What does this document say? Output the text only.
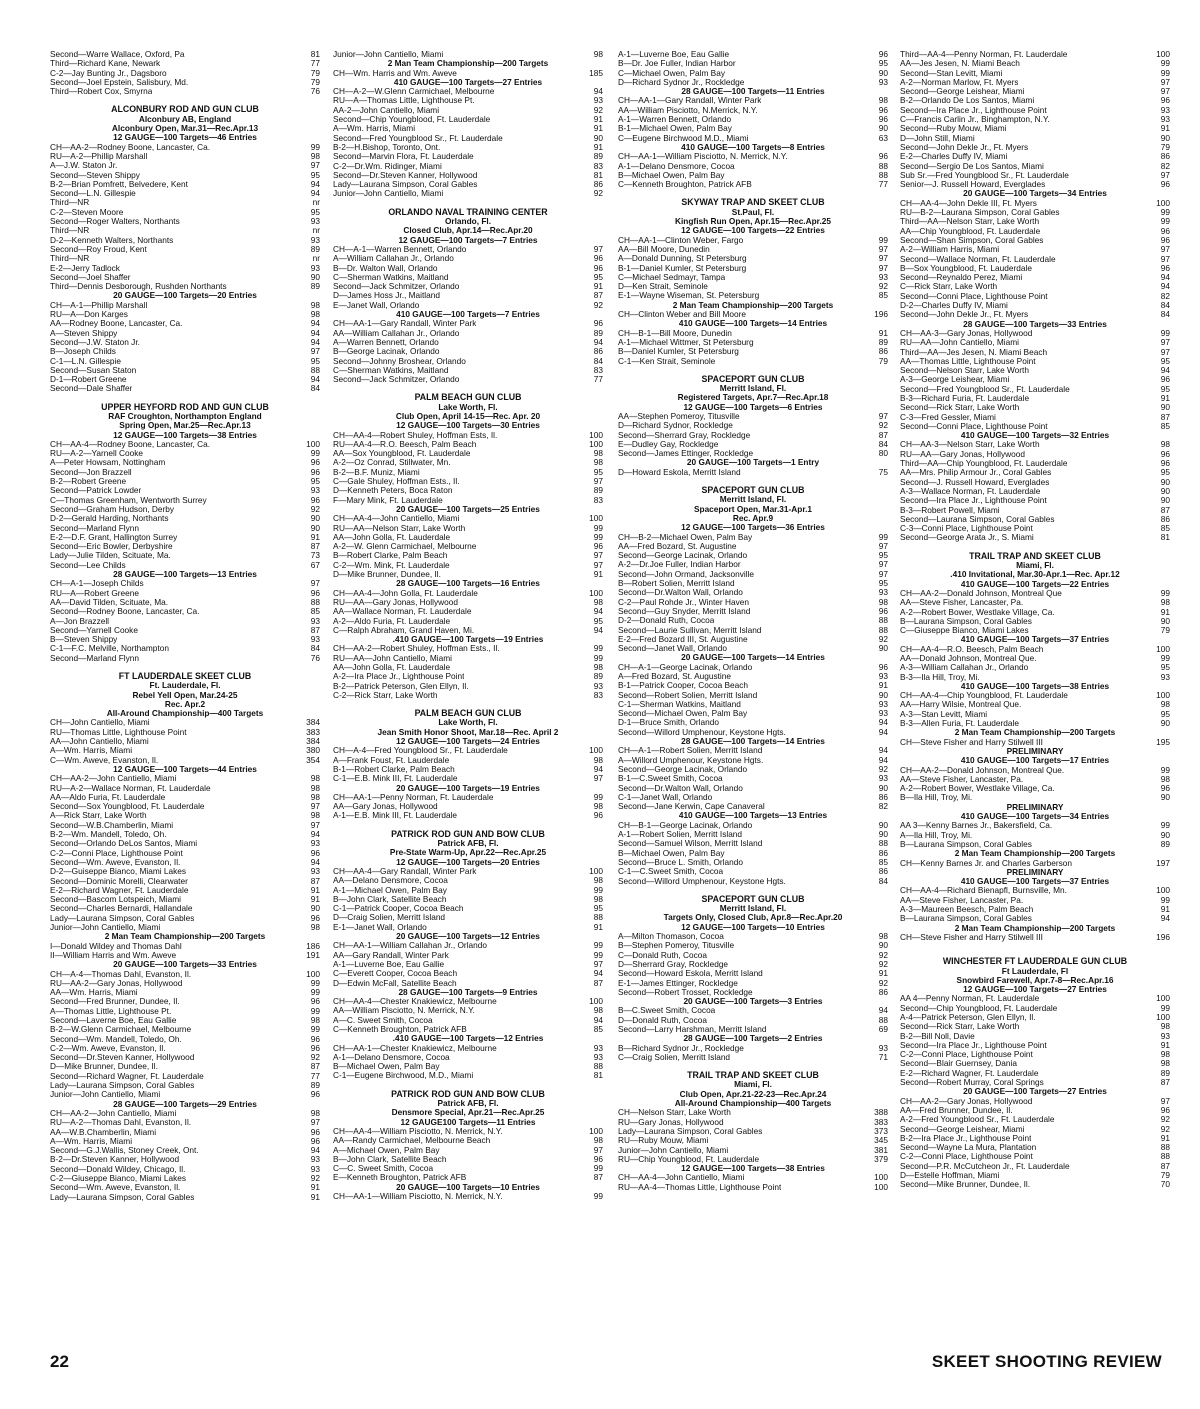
Second—Warre Wallace, Oxford, Pa	81
Third—Richard Kane, Newark	77
C-2—Jay Bunting Jr., Dagsboro	79
Second—Joel Epstein, Salisbury, Md.	79
Third—Robert Cox, Smyrna	76
ALCONBURY ROD AND GUN CLUB
Alconbury AB, England
Alconbury Open, Mar.31—Rec.Apr.13
12 GAUGE—100 Targets—46 Entries
CH—AA-2—Rodney Boone, Lancaster, Ca.	99
RU—A-2—Phillip Marshall	98
A—J.W. Staton Jr.	97
Second—Steven Shippy	95
B-2—Brian Pomfrett, Belvedere, Kent	94
Second—L.N. Gillespie	94
Third—NR	nr
C-2—Steven Moore	95
Second—Roger Walters, Northants	93
Third—NR	nr
D-2—Kenneth Walters, Northants	93
Second—Roy Froud, Kent	89
Third—NR	nr
E-2—Jerry Tadlock	93
Second—Joel Shaffer	90
Third—Dennis Desborough, Rushden Northants	89
20 GAUGE—100 Targets—20 Entries
CH—A-1—Phillip Marshall	98
RU—A—Don Karges	98
AA—Rodney Boone, Lancaster, Ca.	94
A—Steven Shippy	94
Second—J.W. Staton Jr.	94
B—Joseph Childs	97
C-1—L.N. Gillespie	95
Second—Susan Staton	88
D-1—Robert Greene	94
Second—Dale Shaffer	84
UPPER HEYFORD ROD AND GUN CLUB
RAF Croughton, Northampton England
Spring Open, Mar.25—Rec.Apr.13
12 GAUGE—100 Targets—38 Entries
CH—AA-4—Rodney Boone, Lancaster, Ca.	100
RU—A-2—Yarnell Cooke	99
A—Peter Howsam, Nottingham	96
Second—Jon Brazzell	96
B-2—Robert Greene	95
Second—Patrick Lowder	93
C—Thomas Greenham, Wentworth Surrey	96
Second—Graham Hudson, Derby	92
D-2—Gerald Harding, Northants	90
Second—Marland Flynn	90
E-2—D.F. Grant, Hallington Surrey	91
Second—Eric Bowler, Derbyshire	87
Lady—Julie Tilden, Scituate, Ma.	73
Second—Lee Childs	67
28 GAUGE—100 Targets—13 Entries
CH—A-1—Joseph Childs	97
RU—A—Robert Greene	96
AA—David Tilden, Scituate, Ma.	88
Second—Rodney Boone, Lancaster, Ca.	85
A—Jon Brazzell	93
Second—Yarnell Cooke	87
B—Steven Shippy	93
C-1—F.C. Melville, Northampton	84
Second—Marland Flynn	76
FT LAUDERDALE SKEET CLUB
Ft. Lauderdale, Fl.
Rebel Yell Open, Mar.24-25
Rec. Apr.2
All-Around Championship—400 Targets
CH—John Cantiello, Miami	384
RU—Thomas Little, Lighthouse Point	383
AA—John Cantiello, Miami	384
A—Wm. Harris, Miami	380
C—Wm. Aweve, Evanston, Il.	354
12 GAUGE—100 Targets—44 Entries
CH—AA-2—John Cantiello, Miami	98
RU—A-2—Wallace Norman, Ft. Lauderdale	98
AA—Aldo Furia, Ft. Lauderdale	98
Second—Sox Youngblood, Ft. Lauderdale	97
A—Rick Starr, Lake Worth	98
Second—W.B.Chamberlin, Miami	97
B-2—Wm. Mandell, Toledo, Oh.	94
Second—Orlando DeLos Santos, Miami	93
C-2—Conni Place, Lighthouse Point	96
Second—Wm. Aweve, Evanston, Il.	94
D-2—Guiseppe Bianco, Miami Lakes	93
Second—Dominic Morelli, Clearwater	87
E-2—Richard Wagner, Ft. Lauderdale	91
Second—Bascom Lotspeich, Miami	91
Second—Charles Bernardi, Hallandale	90
Lady—Laurana Simpson, Coral Gables	96
Junior—John Cantiello, Miami	98
2 Man Team Championship—200 Targets
I—Donald Wildey and Thomas Dahl	186
II—William Harris and Wm. Aweve	191
20 GAUGE—100 Targets—33 Entries
CH—A-4—Thomas Dahl, Evanston, Il.	100
RU—AA-2—Gary Jonas, Hollywood	99
AA—Wm. Harris, Miami	99
Second—Fred Brunner, Dundee, Il.	96
A—Thomas Little, Lighthouse Pt.	99
Second—Laverne Boe, Eau Gallie	98
B-2—W.Glenn Carmichael, Melbourne	99
Second—Wm. Mandell, Toledo, Oh.	96
C-2—Wm. Aweve, Evanston, Il.	96
Second—Dr.Steven Kanner, Hollywood	92
D—Mike Brunner, Dundee, Il.	87
Second—Richard Wagner, Ft. Lauderdale	77
Lady—Laurana Simpson, Coral Gables	89
Junior—John Cantiello, Miami	96
28 GAUGE—100 Targets—29 Entries
CH—AA-2—John Cantiello, Miami	98
RU—A-2—Thomas Dahl, Evanston, Il.	97
AA—W.B.Chamberlin, Miami	96
A—Wm. Harris, Miami	96
Second—G.J.Wallis, Stoney Creek, Ont.	94
B-2—Dr.Steven Kanner, Hollywood	93
Second—Donald Wildey, Chicago, Il.	93
C-2—Giuseppe Bianco, Miami Lakes	92
Second—Wm. Aweve, Evanston, Il.	91
Lady—Laurana Simpson, Coral Gables	91
Junior—John Cantiello, Miami	98
2 Man Team Championship—200 Targets
CH—Wm. Harris and Wm. Aweve	185
410 GAUGE—100 Targets—27 Entries
CH—A-2—W.Glenn Carmichael, Melbourne	94
RU—A—Thomas Little, Lighthouse Pt.	93
AA-2—John Cantiello, Miami	92
Second—Chip Youngblood, Ft. Lauderdale	91
A—Wm. Harris, Miami	91
Second—Fred Youngblood Sr., Ft. Lauderdale	90
B-2—H.Bishop, Toronto, Ont.	91
Second—Marvin Flora, Ft. Lauderdale	89
C-2—Dr.Wm. Ridinger, Miami	83
Second—Dr.Steven Kanner, Hollywood	81
Lady—Laurana Simpson, Coral Gables	86
Junior—John Cantiello, Miami	92
ORLANDO NAVAL TRAINING CENTER
Orlando, Fl.
Closed Club, Apr.14—Rec.Apr.20
12 GAUGE—100 Targets—7 Entries
CH—A-1—Warren Bennett, Orlando	97
A—William Callahan Jr., Orlando	96
B—Dr. Walton Wall, Orlando	96
C—Sherman Watkins, Maitland	95
Second—Jack Schmitzer, Orlando	91
D—James Hoss Jr., Maitland	87
E—Janet Wall, Orlando	92
410 GAUGE—100 Targets—7 Entries
CH—AA-1—Gary Randall, Winter Park	96
AA—William Callahan Jr., Orlando	89
A—Warren Bennett, Orlando	94
B—George Lacinak, Orlando	86
Second—Johnny Broshear, Orlando	84
C—Sherman Watkins, Maitland	83
Second—Jack Schmitzer, Orlando	77
PALM BEACH GUN CLUB
Lake Worth, Fl.
Club Open, April 14-15—Rec. Apr. 20
12 GAUGE—100 Targets—30 Entries
CH—AA-4—Robert Shuley, Hoffman Ests, Il.	100
RU—AA-4—R.O. Beesch, Palm Beach	100
AA—Sox Youngblood, Ft. Lauderdale	98
A-2—Oz Conrad, Stillwater, Mn.	98
B-2—B.F. Muniz, Miami	95
C—Gale Shuley, Hoffman Ests., Il.	97
D—Kenneth Peters, Boca Raton	89
F—Mary Mink, Ft. Lauderdale	83
20 GAUGE—100 Targets—25 Entries
CH—AA-4—John Cantiello, Miami	100
RU—AA—Nelson Starr, Lake Worth	99
AA—John Golla, Ft. Lauderdale	99
A-2—W. Glenn Carmichael, Melbourne	96
B—Robert Clarke, Palm Beach	97
C-2—Wm. Mink, Ft. Lauderdale	97
D—Mike Brunner, Dundee, Il.	91
28 GAUGE—100 Targets—16 Entries
CH—AA-4—John Golla, Ft. Lauderdale	100
RU—AA—Gary Jonas, Hollywood	98
AA—Wallace Norman, Ft. Lauderdale	94
A-2—Aldo Furia, Ft. Lauderdale	95
C—Ralph Abraham, Grand Haven, Mi.	94
.410 GAUGE—100 Targets—19 Entries
CH—AA-2—Robert Shuley, Hoffman Ests., Il.	99
RU—AA—John Cantiello, Miami	99
AA—John Golla, Ft. Lauderdale	98
A-2—Ira Place Jr., Lighthouse Point	89
B-2—Patrick Peterson, Glen Ellyn, Il.	93
C-2—Rick Starr, Lake Worth	83
PALM BEACH GUN CLUB
Lake Worth, Fl.
Jean Smith Honor Shoot, Mar.18—Rec. April 2
12 GAUGE—100 Targets—24 Entries
CH—A-4—Fred Youngblood Sr., Ft. Lauderdale	100
A—Frank Foust, Ft. Lauderdale	98
B-1—Robert Clarke, Palm Beach	94
C-1—E.B. Mink III, Ft. Lauderdale	97
20 GAUGE—100 Targets—19 Entries
CH—AA-1—Penny Norman, Ft. Lauderdale	99
AA—Gary Jonas, Hollywood	98
A-1—E.B. Mink III, Ft. Lauderdale	96
PATRICK ROD GUN AND BOW CLUB
Patrick AFB, Fl.
Pre-State Warm-Up, Apr.22—Rec.Apr.25
12 GAUGE—100 Targets—20 Entries
CH—AA-4—Gary Randall, Winter Park	100
AA—Delano Densmore, Cocoa	98
A-1—Michael Owen, Palm Bay	99
B—John Clark, Satellite Beach	98
C-1—Patrick Cooper, Cocoa Beach	95
D—Craig Solien, Merritt Island	88
E-1—Janet Wall, Orlando	91
20 GAUGE—100 Targets—12 Entries
CH—AA-1—William Callahan Jr., Orlando	99
AA—Gary Randall, Winter Park	99
A-1—Luverne Boe, Eau Gallie	97
C—Everett Cooper, Cocoa Beach	94
D—Edwin McFall, Satellite Beach	87
28 GAUGE—100 Targets—9 Entries
CH—AA-4—Chester Knakiewicz, Melbourne	100
AA—William Pisciotto, N. Merrick, N.Y.	98
A—C. Sweet Smith, Cocoa	94
C—Kenneth Broughton, Patrick AFB	85
.410 GAUGE—100 Targets—12 Entries
CH—AA-1—Chester Knakiewicz, Melbourne	93
A-1—Delano Densmore, Cocoa	93
B—Michael Owen, Palm Bay	88
C-1—Eugene Birchwood, M.D., Miami	81
PATRICK ROD GUN AND BOW CLUB
Patrick AFB, Fl.
Densmore Special, Apr.21—Rec.Apr.25
12 GAUGE100 Targets—11 Entries
CH—AA-4—William Pisciotto, N. Merrick, N.Y.	100
AA—Randy Carmichael, Melbourne Beach	98
A—Michael Owen, Palm Bay	97
B—John Clark, Satellite Beach	96
C—C. Sweet Smith, Cocoa	99
E—Kenneth Broughton, Patrick AFB	87
20 GAUGE—100 Targets—10 Entries
CH—AA-1—William Pisciotto, N. Merrick, N.Y.	99
A-1—Luverne Boe, Eau Gallie	96
B—Dr. Joe Fuller, Indian Harbor	95
C—Michael Owen, Palm Bay	90
D—Richard Sydnor Jr., Rockledge	93
28 GAUGE—100 Targets—11 Entries
CH—AA-1—Gary Randall, Winter Park	98
AA—William Pisciotto, N.Merrick, N.Y.	96
A-1—Warren Bennett, Orlando	96
B-1—Michael Owen, Palm Bay	90
C—Eugene Birchwood M.D., Miami	63
410 GAUGE—100 Targets—8 Entries
CH—AA-1—William Pisciotto, N. Merrick, N.Y.	96
A-1—Delano Densmore, Cocoa	88
B—Michael Owen, Palm Bay	88
C—Kenneth Broughton, Patrick AFB	77
SKYWAY TRAP AND SKEET CLUB
St.Paul, Fl.
Kingfish Run Open, Apr.15—Rec.Apr.25
12 GAUGE—100 Targets—22 Entries
CH—AA-1—Clinton Weber, Fargo	99
AA—Bill Moore, Dunedin	97
A—Donald Dunning, St Petersburg	97
B-1—Daniel Kumler, St Petersburg	97
C—Michael Sedmayr, Tampa	93
D—Ken Strait, Seminole	92
E-1—Wayne Wiseman, St. Petersburg	85
2 Man Team Championship—200 Targets
CH—Clinton Weber and Bill Moore	196
410 GAUGE—100 Targets—14 Entries
CH—B-1—Bill Moore, Dunedin	91
A-1—Michael Wittmer, St Petersburg	89
B—Daniel Kumler, St Petersburg	86
C-1—Ken Strait, Seminole	79
SPACEPORT GUN CLUB
Merritt Island, Fl.
Registered Targets, Apr.7—Rec.Apr.18
12 GAUGE—100 Targets—6 Entries
AA—Stephen Pomeroy, Titusville	97
D—Richard Sydnor, Rockledge	92
Second—Sherrard Gray, Rockledge	87
E—Dudley Gay, Rockledge	84
Second—James Ettinger, Rockledge	80
20 GAUGE—100 Targets—1 Entry
D—Howard Eskola, Merritt Island	75
SPACEPORT GUN CLUB
Merritt Island, Fl.
Spaceport Open, Mar.31-Apr.1
Rec. Apr.9
12 GAUGE—100 Targets—36 Entries
CH—B-2—Michael Owen, Palm Bay	99
AA—Fred Bozard, St. Augustine	97
Second—George Lacinak, Orlando	95
A-2—Dr.Joe Fuller, Indian Harbor	97
Second—John Ormand, Jacksonville	97
B—Robert Solien, Merritt Island	95
Second—Dr.Walton Wall, Orlando	93
C-2—Paul Rohde Jr., Winter Haven	98
Second—Guy Snyder, Merritt Island	96
D-2—Donald Ruth, Cocoa	88
Second—Laurie Sullivan, Merritt Island	88
E-2—Fred Bozard III, St. Augustine	92
Second—Janet Wall, Orlando	90
20 GAUGE—100 Targets—14 Entries
CH—A-1—George Lacinak, Orlando	96
A—Fred Bozard, St. Augustine	93
B-1—Patrick Cooper, Cocoa Beach	91
Second—Robert Solien, Merritt Island	90
C-1—Sherman Watkins, Maitland	93
Second—Michael Owen, Palm Bay	93
D-1—Bruce Smith, Orlando	94
Second—Willord Umphenour, Keystone Hgts.	94
28 GAUGE—100 Targets—14 Entries
CH—A-1—Robert Solien, Merritt Island	94
A—Willord Umphenour, Keystone Hgts.	94
Second—George Lacinak, Orlando	92
B-1—C.Sweet Smith, Cocoa	93
Second—Dr.Walton Wall, Orlando	90
C-1—Janet Wall, Orlando	86
Second—Jane Kerwin, Cape Canaveral	82
410 GAUGE—100 Targets—13 Entries
CH—B-1—George Lacinak, Orlando	90
A-1—Robert Solien, Merritt Island	90
Second—Samuel Wilson, Merritt Island	88
B—Michael Owen, Palm Bay	86
Second—Bruce L. Smith, Orlando	85
C-1—C.Sweet Smith, Cocoa	86
Second—Willord Umphenour, Keystone Hgts.	84
SPACEPORT GUN CLUB
Merritt Island, Fl.
Targets Only, Closed Club, Apr.8—Rec.Apr.20
12 GAUGE—100 Targets—10 Entries
A—Milton Thomason, Cocoa	98
B—Stephen Pomeroy, Titusville	90
C—Donald Ruth, Cocoa	92
D—Sherrard Gray, Rockledge	92
Second—Howard Eskola, Merritt Island	91
E-1—James Ettinger, Rockledge	92
Second—Robert Trosset, Rockledge	86
20 GAUGE—100 Targets—3 Entries
B—C.Sweet Smith, Cocoa	94
D—Donald Ruth, Cocoa	88
Second—Larry Harshman, Merritt Island	69
28 GAUGE—100 Targets—2 Entries
B—Richard Sydnor Jr., Rockledge	93
C—Craig Solien, Merritt Island	71
TRAIL TRAP AND SKEET CLUB
Miami, Fl.
Club Open, Apr.21-22-23—Rec.Apr.24
All-Around Championship—400 Targets
CH—Nelson Starr, Lake Worth	388
RU—Gary Jonas, Hollywood	383
Lady—Laurana Simpson, Coral Gables	373
RU—Ruby Mouw, Miami	345
Junior—John Cantiello, Miami	381
RU—Chip Youngblood, Ft. Lauderdale	379
12 GAUGE—100 Targets—38 Entries
CH—AA-4—John Cantiello, Miami	100
RU—AA-4—Thomas Little, Lighthouse Point	100
Third—AA-4—Penny Norman, Ft. Lauderdale	100
AA—Jes Jesen, N. Miami Beach	99
Second—Stan Levitt, Miami	99
A-2—Norman Marlow, Ft. Myers	97
Second—George Leishear, Miami	97
B-2—Orlando De Los Santos, Miami	96
Second—Ira Place Jr., Lighthouse Point	93
C—Francis Carlin Jr., Binghampton, N.Y.	93
Second—Ruby Mouw, Miami	91
D—John Still, Miami	90
Second—John Dekle Jr., Ft. Myers	79
E-2—Charles Duffy IV, Miami	86
Second—Sergio De Los Santos, Miami	82
Sub Sr.—Fred Youngblood Sr., Ft. Lauderdale	97
Senior—J. Russell Howard, Everglades	96
20 GAUGE—100 Targets—34 Entries
CH—AA-4—John Dekle III, Ft. Myers	100
RU—B-2—Laurana Simpson, Coral Gables	99
Third—AA—Nelson Starr, Lake Worth	99
AA—Chip Youngblood, Ft. Lauderdale	96
Second—Shan Simpson, Coral Gables	96
A-2—William Harris, Miami	97
Second—Wallace Norman, Ft. Lauderdale	97
B—Sox Youngblood, Ft. Lauderdale	96
Second—Reynaldo Perez, Miami	94
C—Rick Starr, Lake Worth	94
Second—Conni Place, Lighthouse Point	82
D-2—Charles Duffy IV, Miami	84
Second—John Dekle Jr., Ft. Myers	84
28 GAUGE—100 Targets—33 Entries
CH—AA-3—Gary Jonas, Hollywood	99
RU—AA—John Cantiello, Miami	97
Third—AA—Jes Jesen, N. Miami Beach	97
AA—Thomas Little, Lighthouse Point	95
Second—Nelson Starr, Lake Worth	94
A-3—George Leishear, Miami	96
Second—Fred Youngblood Sr., Ft. Lauderdale	95
B-3—Richard Furia, Ft. Lauderdale	91
Second—Rick Starr, Lake Worth	90
C-3—Fred Gessler, Miami	87
Second—Conni Place, Lighthouse Point	85
410 GAUGE—100 Targets—32 Entries
CH—AA-3—Nelson Starr, Lake Worth	98
RU—AA—Gary Jonas, Hollywood	96
Third—AA—Chip Youngblood, Ft. Lauderdale	96
AA—Mrs. Philip Armour Jr., Coral Gables	95
Second—J. Russell Howard, Everglades	90
A-3—Wallace Norman, Ft. Lauderdale	90
Second—Ira Place Jr., Lighthouse Point	90
B-3—Robert Powell, Miami	87
Second—Laurana Simpson, Coral Gables	86
C-3—Conni Place, Lighthouse Point	85
Second—George Arata Jr., S. Miami	81
TRAIL TRAP AND SKEET CLUB
Miami, Fl.
.410 Invitational, Mar.30-Apr.1—Rec. Apr.12
410 GAUGE—100 Targets—22 Entries
CH—AA-2—Donald Johnson, Montreal Que	99
AA—Steve Fisher, Lancaster, Pa.	98
A-2—Robert Bower, Westlake Village, Ca.	91
B—Laurana Simpson, Coral Gables	90
C—Giuseppe Bianco, Miami Lakes	79
410 GAUGE—100 Targets—37 Entries
CH—AA-4—R.O. Beesch, Palm Beach	100
AA—Donald Johnson, Montreal Que.	99
A-3—William Callahan Jr., Orlando	95
B-3—Ila Hill, Troy, Mi.	93
410 GAUGE—100 Targets—38 Entries
CH—AA-4—Chip Youngblood, Ft. Lauderdale	100
AA—Harry Wilsie, Montreal Que.	98
A-3—Stan Levitt, Miami	95
B-3—Allen Furia, Ft. Lauderdale	90
2 Man Team Championship—200 Targets
CH—Steve Fisher and Harry Stilwell III	195
PRELIMINARY
410 GAUGE—100 Targets—17 Entries
CH—AA-2—Donald Johnson, Montreal Que.	99
AA—Steve Fisher, Lancaster, Pa.	98
A-2—Robert Bower, Westlake Village, Ca.	96
B—Ila Hill, Troy, Mi.	90
PRELIMINARY
410 GAUGE—100 Targets—34 Entries
AA 3—Kenny Barnes Jr., Bakersfield, Ca.	99
A—Ila Hill, Troy, Mi.	90
B—Laurana Simpson, Coral Gables	89
2 Man Team Championship—200 Targets
CH—Kenny Barnes Jr. and Charles Garberson	197
PRELIMINARY
410 GAUGE—100 Targets—37 Entries
CH—AA-4—Richard Bienapfl, Burnsville, Mn.	100
AA—Steve Fisher, Lancaster, Pa.	99
A-3—Maureen Beesch, Palm Beach	91
B—Laurana Simpson, Coral Gables	94
2 Man Team Championship—200 Targets
CH—Steve Fisher and Harry Stilwell III	196
WINCHESTER FT LAUDERDALE GUN CLUB
Ft Lauderdale, Fl
Snowbird Farewell, Apr.7-8—Rec.Apr.16
12 GAUGE—100 Targets—27 Entries
AA 4—Penny Norman, Ft. Lauderdale	100
Second—Chip Youngblood, Ft. Lauderdale	99
A-4—Patrick Peterson, Glen Ellyn, Il.	100
Second—Rick Starr, Lake Worth	98
B-2—Bill Noll, Davie	93
Second—Ira Place Jr., Lighthouse Point	91
C-2—Conni Place, Lighthouse Point	98
Second—Blair Guernsey, Dania	98
E-2—Richard Wagner, Ft. Lauderdale	89
Second—Robert Murray, Coral Springs	87
20 GAUGE—100 Targets—27 Entries
CH—AA-2—Gary Jonas, Hollywood	97
AA—Fred Brunner, Dundee, Il.	96
A-2—Fred Youngblood Sr., Ft. Lauderdale	92
Second—George Leishear, Miami	92
B-2—Ira Place Jr., Lighthouse Point	91
Second—Wayne La Mura, Plantation	88
C-2—Conni Place, Lighthouse Point	88
Second—P.R. McCutcheon Jr., Ft. Lauderdale	87
D—Estelle Hoffman, Miami	79
Second—Mike Brunner, Dundee, Il.	70
22	SKEET SHOOTING REVIEW
